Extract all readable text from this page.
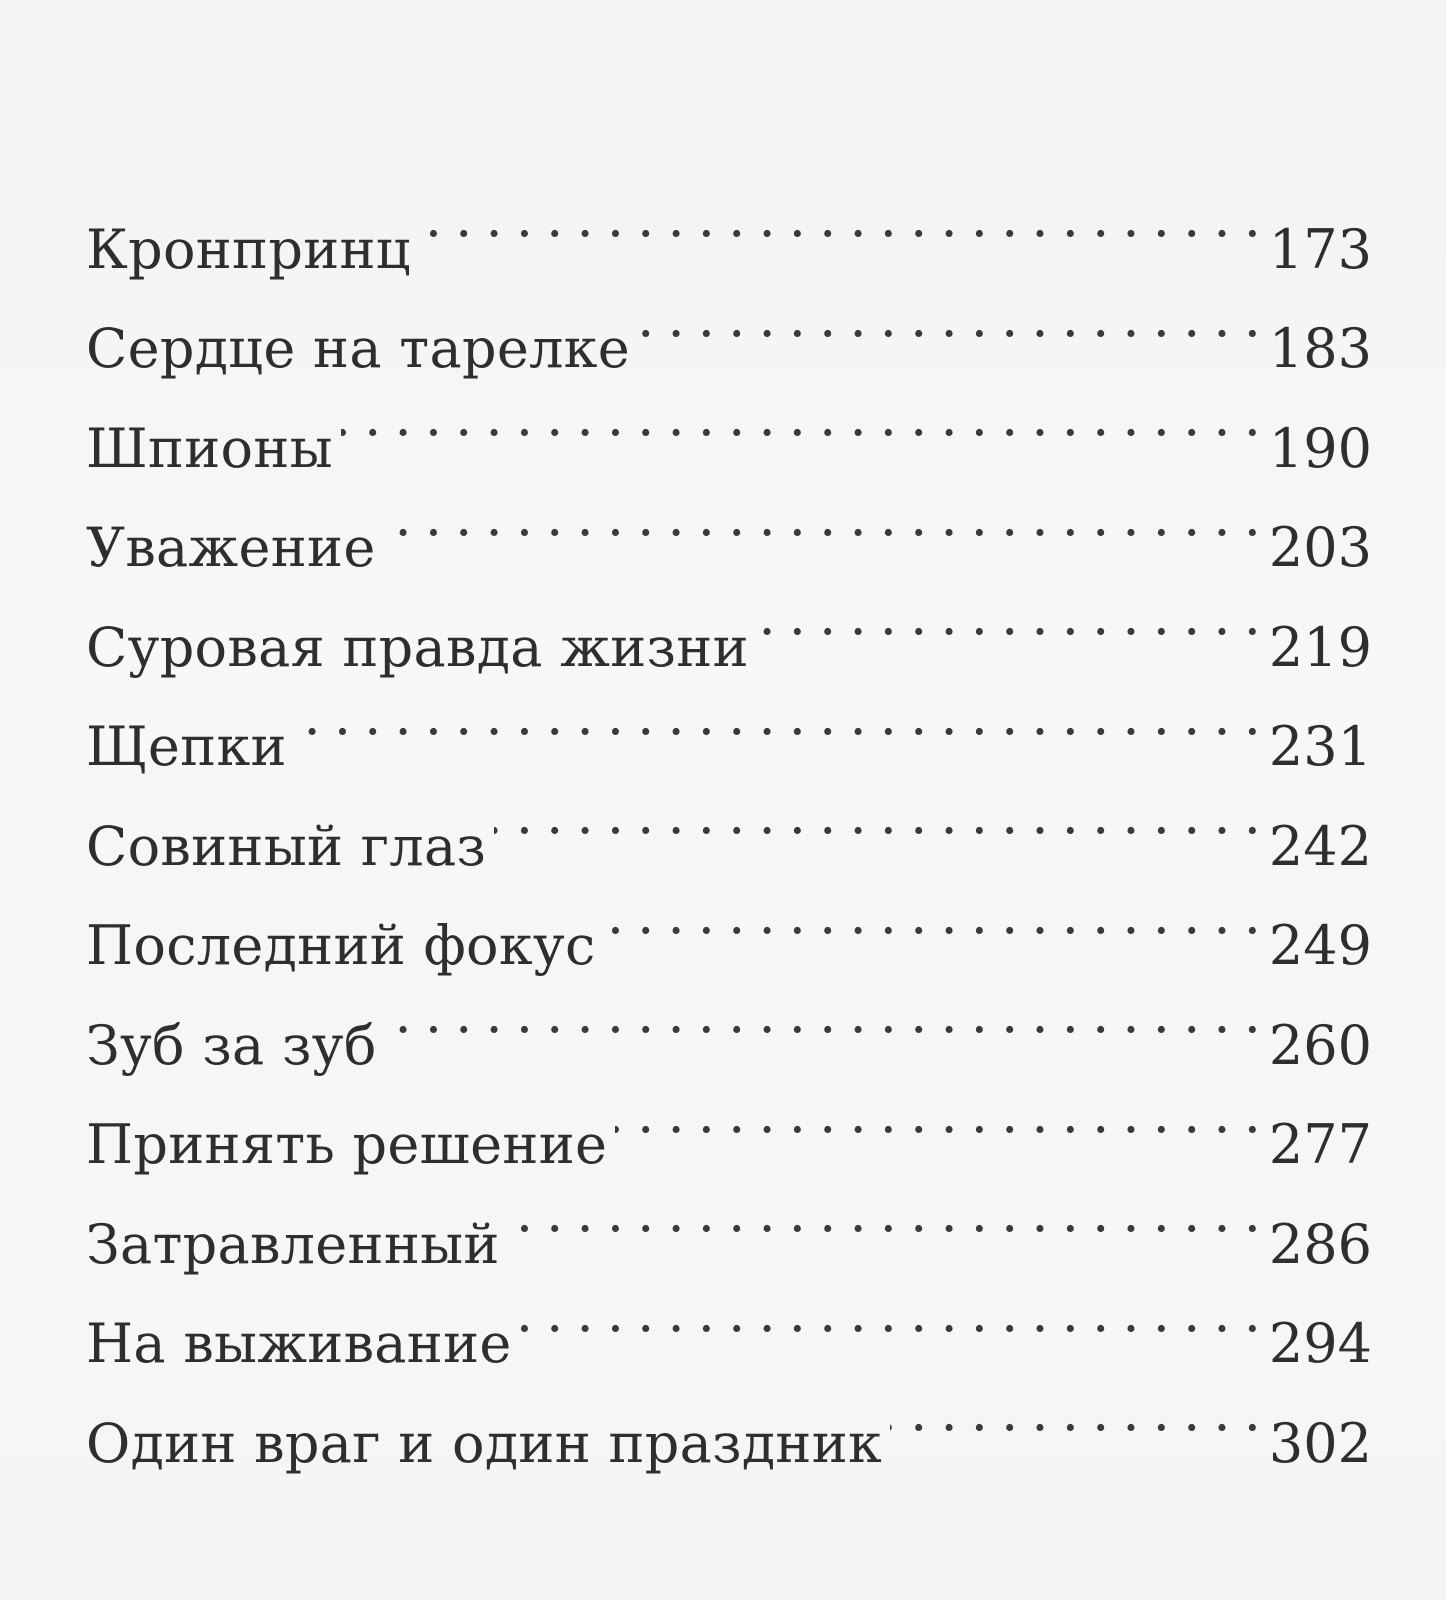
Кронпринц . . .	173
Сердце на тарелке . . .	183
Шпионы . . .	190
Уважение . . .	203
Суровая правда жизни . . .	219
Щепки . . .	231
Совиный глаз . . .	242
Последний фокус . . .	249
Зуб за зуб . . .	260
Принять решение . . .	277
Затравленный . . .	286
На выживание . . .	294
Один враг и один праздник . . .	302
